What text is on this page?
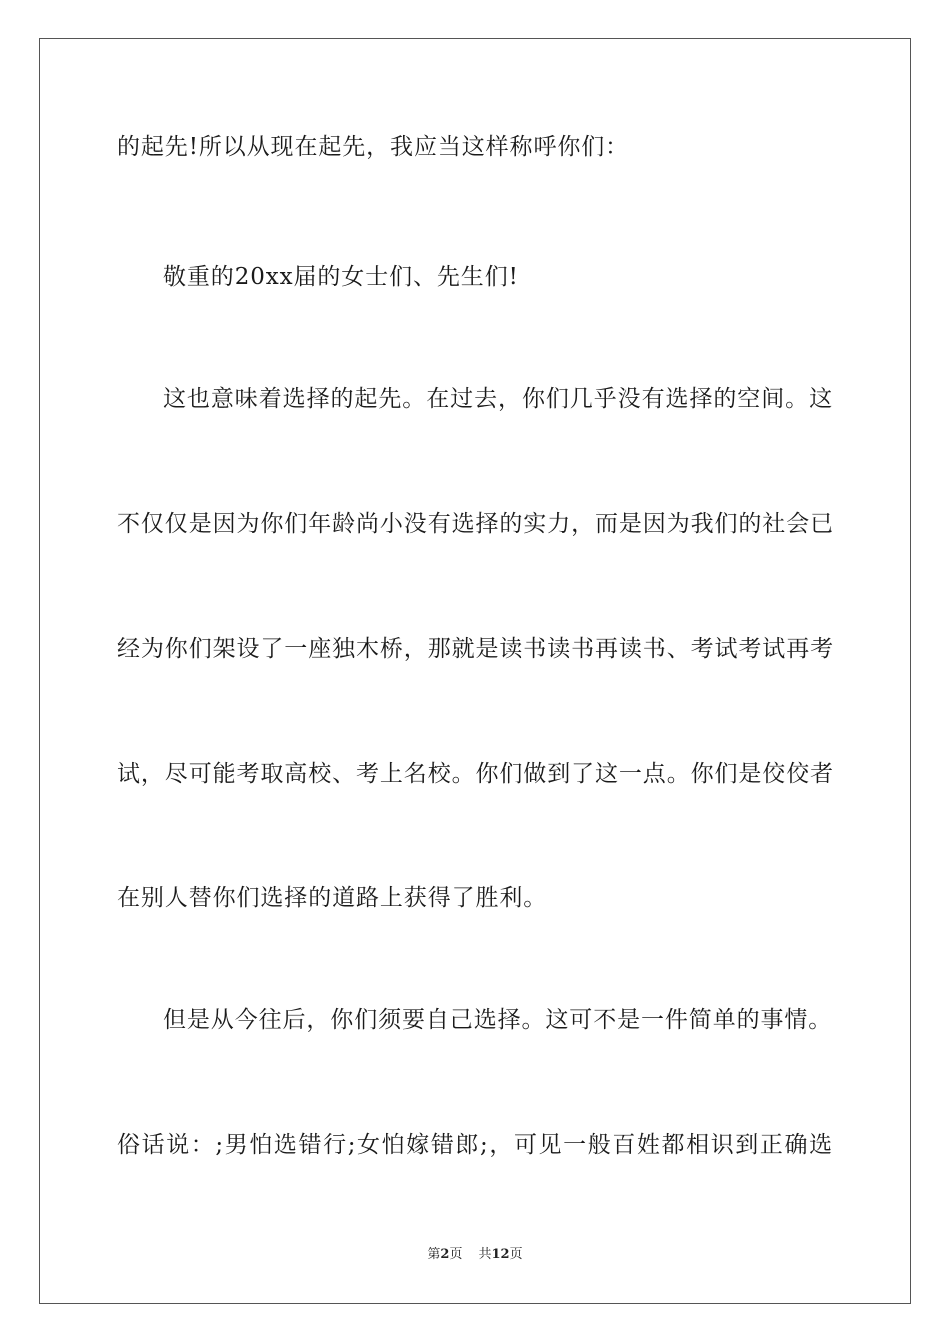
的起先!所以从现在起先，我应当这样称呼你们：
敬重的20xx届的女士们、先生们!
这也意味着选择的起先。在过去，你们几乎没有选择的空间。这
不仅仅是因为你们年龄尚小没有选择的实力，而是因为我们的社会已
经为你们架设了一座独木桥，那就是读书读书再读书、考试考试再考
试，尽可能考取高校、考上名校。你们做到了这一点。你们是佼佼者
在别人替你们选择的道路上获得了胜利。
但是从今往后，你们须要自己选择。这可不是一件简单的事情。
俗话说：;男怕选错行;女怕嫁错郎;，可见一般百姓都相识到正确选
第2页 共12页
